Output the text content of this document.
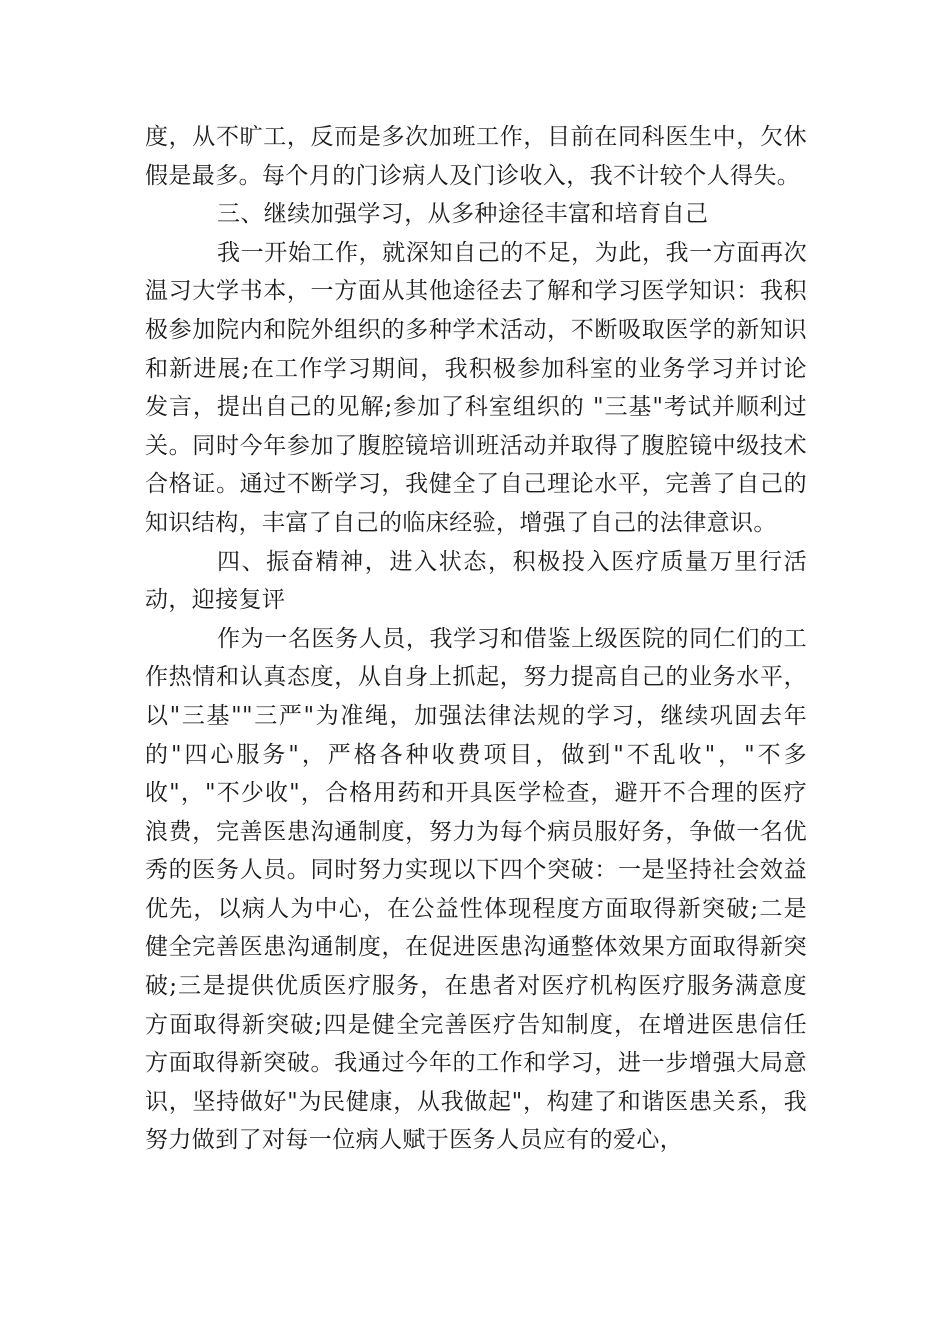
度，从不旷工，反而是多次加班工作，目前在同科医生中，欠休假是最多。每个月的门诊病人及门诊收入，我不计较个人得失。

三、继续加强学习，从多种途径丰富和培育自己

我一开始工作，就深知自己的不足，为此，我一方面再次温习大学书本，一方面从其他途径去了解和学习医学知识：我积极参加院内和院外组织的多种学术活动，不断吸取医学的新知识和新进展;在工作学习期间，我积极参加科室的业务学习并讨论发言，提出自己的见解;参加了科室组织的 "三基"考试并顺利过关。同时今年参加了腹腔镜培训班活动并取得了腹腔镜中级技术合格证。通过不断学习，我健全了自己理论水平，完善了自己的知识结构，丰富了自己的临床经验，增强了自己的法律意识。

四、振奋精神，进入状态，积极投入医疗质量万里行活动，迎接复评

作为一名医务人员，我学习和借鉴上级医院的同仁们的工作热情和认真态度，从自身上抓起，努力提高自己的业务水平，以"三基""三严"为准绳，加强法律法规的学习，继续巩固去年的"四心服务"，严格各种收费项目，做到"不乱收"，"不多收"，"不少收"，合格用药和开具医学检查，避开不合理的医疗浪费，完善医患沟通制度，努力为每个病员服好务，争做一名优秀的医务人员。同时努力实现以下四个突破：一是坚持社会效益优先，以病人为中心，在公益性体现程度方面取得新突破;二是健全完善医患沟通制度，在促进医患沟通整体效果方面取得新突破;三是提供优质医疗服务，在患者对医疗机构医疗服务满意度方面取得新突破;四是健全完善医疗告知制度，在增进医患信任方面取得新突破。我通过今年的工作和学习，进一步增强大局意识，坚持做好"为民健康，从我做起"，构建了和谐医患关系，我努力做到了对每一位病人赋于医务人员应有的爱心，
